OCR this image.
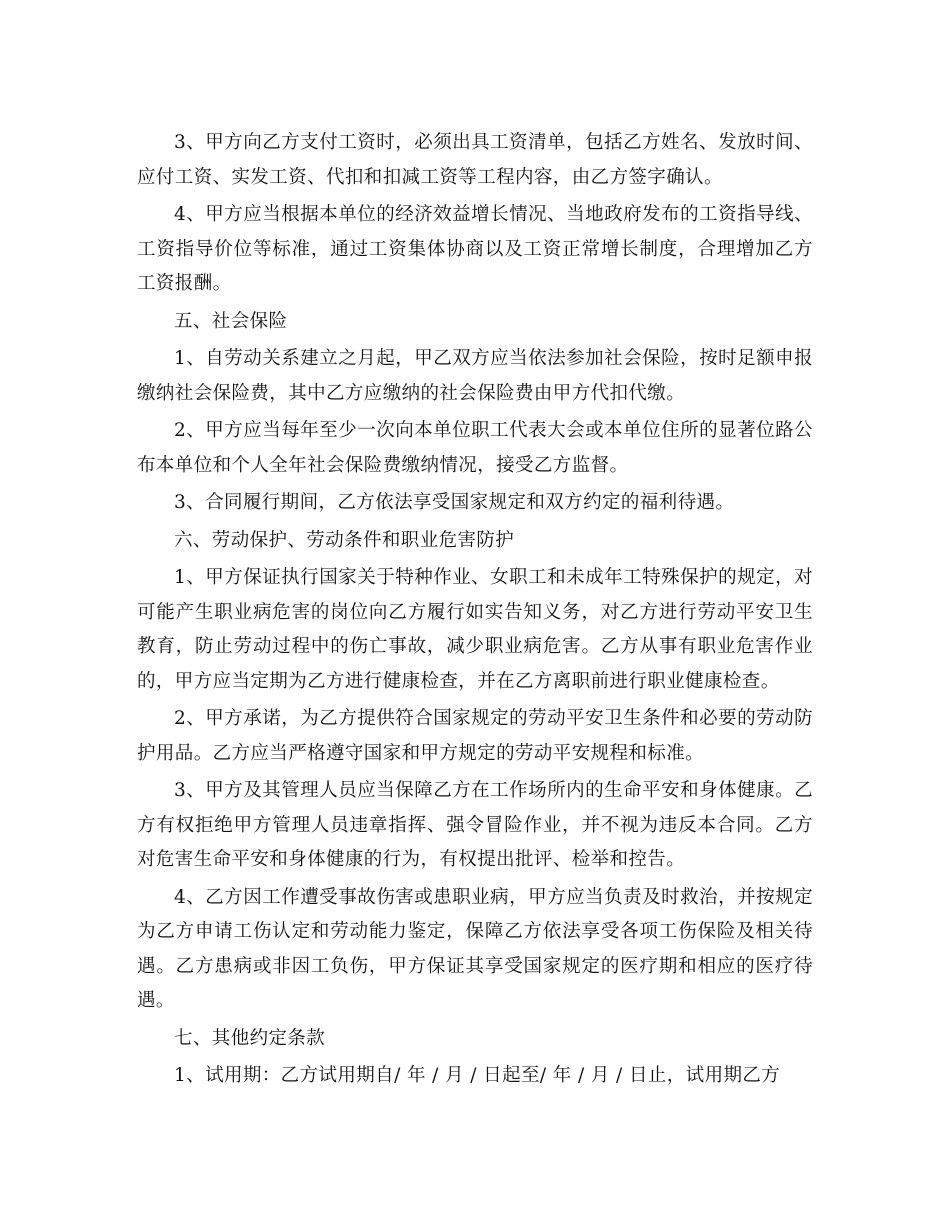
3、甲方向乙方支付工资时，必须出具工资清单，包括乙方姓名、发放时间、应付工资、实发工资、代扣和扣减工资等工程内容，由乙方签字确认。

4、甲方应当根据本单位的经济效益增长情况、当地政府发布的工资指导线、工资指导价位等标准，通过工资集体协商以及工资正常增长制度，合理增加乙方工资报酬。

五、社会保险

1、自劳动关系建立之月起，甲乙双方应当依法参加社会保险，按时足额申报缴纳社会保险费，其中乙方应缴纳的社会保险费由甲方代扣代缴。

2、甲方应当每年至少一次向本单位职工代表大会或本单位住所的显著位路公布本单位和个人全年社会保险费缴纳情况，接受乙方监督。

3、合同履行期间，乙方依法享受国家规定和双方约定的福利待遇。

六、劳动保护、劳动条件和职业危害防护

1、甲方保证执行国家关于特种作业、女职工和未成年工特殊保护的规定，对可能产生职业病危害的岗位向乙方履行如实告知义务，对乙方进行劳动平安卫生教育，防止劳动过程中的伤亡事故，减少职业病危害。乙方从事有职业危害作业的，甲方应当定期为乙方进行健康检查，并在乙方离职前进行职业健康检查。

2、甲方承诺，为乙方提供符合国家规定的劳动平安卫生条件和必要的劳动防护用品。乙方应当严格遵守国家和甲方规定的劳动平安规程和标准。

3、甲方及其管理人员应当保障乙方在工作场所内的生命平安和身体健康。乙方有权拒绝甲方管理人员违章指挥、强令冒险作业，并不视为违反本合同。乙方对危害生命平安和身体健康的行为，有权提出批评、检举和控告。

4、乙方因工作遭受事故伤害或患职业病，甲方应当负责及时救治，并按规定为乙方申请工伤认定和劳动能力鉴定，保障乙方依法享受各项工伤保险及相关待遇。乙方患病或非因工负伤，甲方保证其享受国家规定的医疗期和相应的医疗待遇。

七、其他约定条款

1、试用期：乙方试用期自/ 年 / 月 / 日起至/ 年 / 月 / 日止，试用期乙方
